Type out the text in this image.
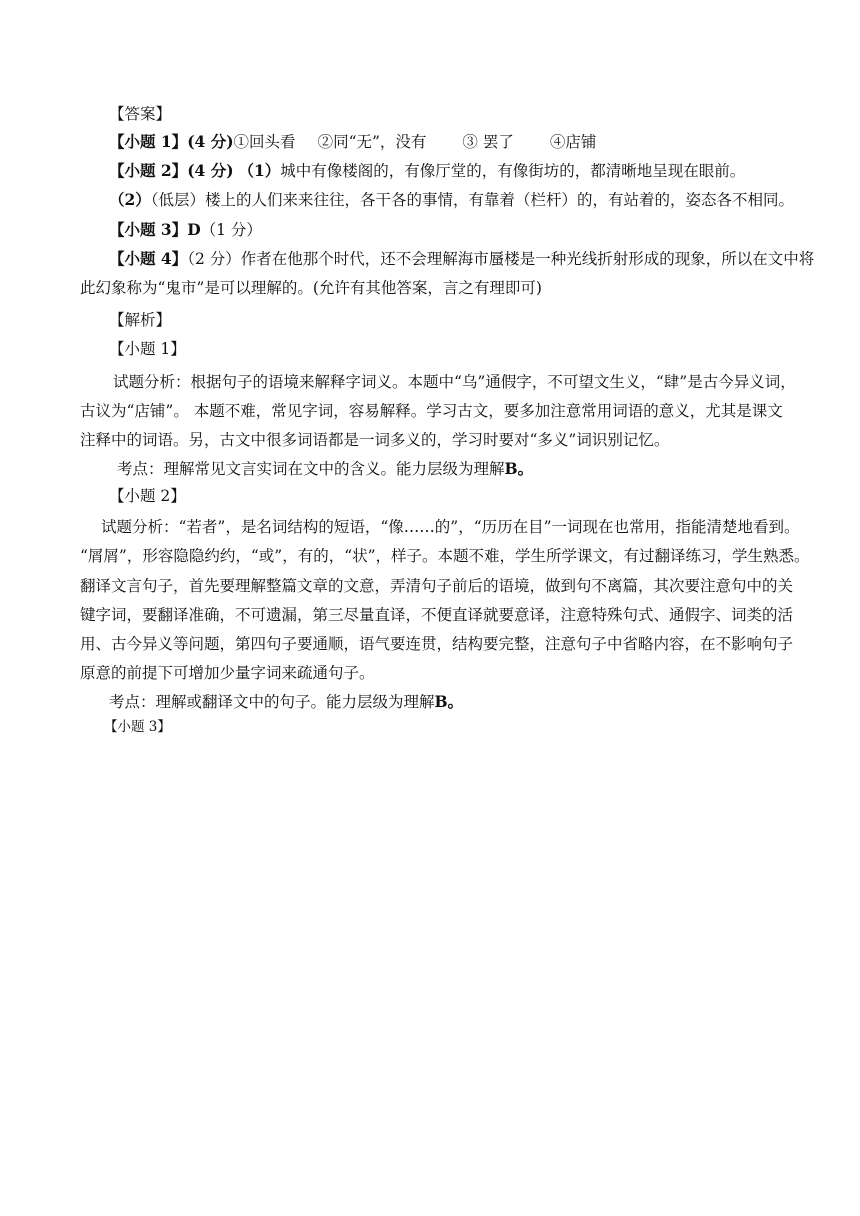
【答案】
【小题 1】(4 分)①回头看 ②同“无”，没有 ③ 罢了 ④店铺
【小题 2】(4 分) （1）城中有像楼阁的，有像厅堂的，有像街坊的，都清晰地呈现在眼前。
（2）（低层）楼上的人们来来往往，各干各的事情，有靠着（栏杆）的，有站着的，姿态各不相同。
【小题 3】D（1 分）
【小题 4】（2 分）作者在他那个时代，还不会理解海市蜃楼是一种光线折射形成的现象，所以在文中将
此幻象称为“鬼市”是可以理解的。(允许有其他答案，言之有理即可)
【解析】
【小题 1】
试题分析：根据句子的语境来解释字词义。本题中“乌”通假字，不可望文生义，“肆”是古今异义词，
古议为“店铺”。 本题不难，常见字词，容易解释。学习古文，要多加注意常用词语的意义，尤其是课文
注释中的词语。另，古文中很多词语都是一词多义的，学习时要对“多义”词识别记忆。
考点：理解常见文言实词在文中的含义。能力层级为理解B。
【小题 2】
试题分析：“若者”，是名词结构的短语，“像……的”，“历历在目”一词现在也常用，指能清楚地看到。
“屑屑”，形容隐隐约约，“或”，有的，“状”，样子。本题不难，学生所学课文，有过翻译练习，学生熟悉。
翻译文言句子，首先要理解整篇文章的文意，弄清句子前后的语境，做到句不离篇，其次要注意句中的关
键字词，要翻译准确，不可遗漏，第三尽量直译，不便直译就要意译，注意特殊句式、通假字、词类的活
用、古今异义等问题，第四句子要通顺，语气要连贯，结构要完整，注意句子中省略内容，在不影响句子
原意的前提下可增加少量字词来疏通句子。
考点：理解或翻译文中的句子。能力层级为理解B。
【小题 3】
